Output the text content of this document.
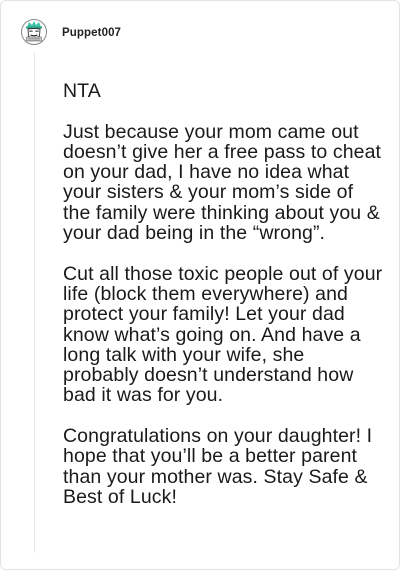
Puppet007

NTA

Just because your mom came out doesn’t give her a free pass to cheat on your dad, I have no idea what your sisters & your mom’s side of the family were thinking about you & your dad being in the “wrong”.

Cut all those toxic people out of your life (block them everywhere) and protect your family! Let your dad know what’s going on. And have a long talk with your wife, she probably doesn’t understand how bad it was for you.

Congratulations on your daughter! I hope that you’ll be a better parent than your mother was. Stay Safe & Best of Luck!
